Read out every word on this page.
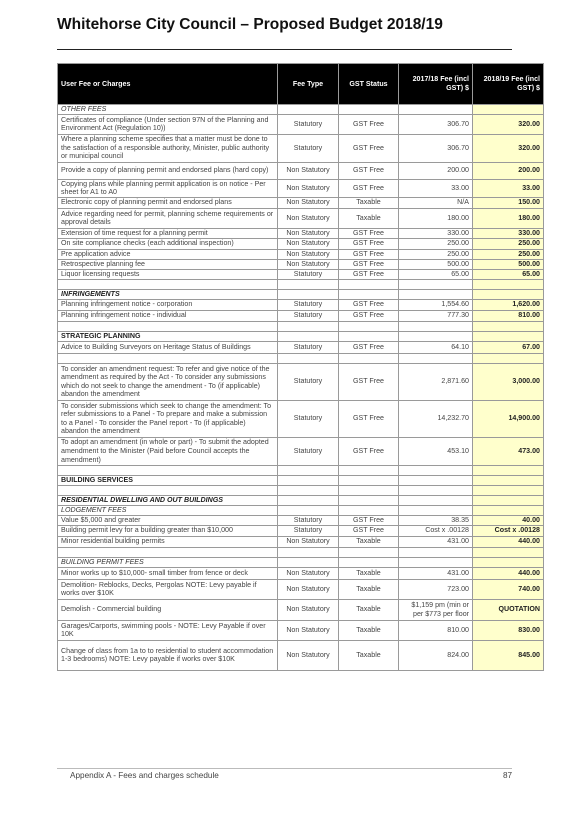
Whitehorse City Council – Proposed Budget 2018/19
User Fee or Charges	Fee Type	GST Status	2017/18 Fee (incl GST) $	2018/19 Fee (incl GST) $
OTHER FEES				
Certificates of compliance (Under section 97N of the Planning and Environment Act (Regulation 10))	Statutory	GST Free	306.70	320.00
Where a planning scheme specifies that a matter must be done to the satisfaction of a responsible authority, Minister, public authority or municipal council	Statutory	GST Free	306.70	320.00
Provide a copy of planning permit and endorsed plans (hard copy)	Non Statutory	GST Free	200.00	200.00
Copying plans while planning permit application is on notice - Per sheet for A1 to A0	Non Statutory	GST Free	33.00	33.00
Electronic copy of planning permit and endorsed plans	Non Statutory	Taxable	N/A	150.00
Advice regarding need for permit, planning scheme requirements or approval details	Non Statutory	Taxable	180.00	180.00
Extension of time request for a planning permit	Non Statutory	GST Free	330.00	330.00
On site compliance checks (each additional inspection)	Non Statutory	GST Free	250.00	250.00
Pre application advice	Non Statutory	GST Free	250.00	250.00
Retrospective planning fee	Non Statutory	GST Free	500.00	500.00
Liquor licensing requests	Statutory	GST Free	65.00	65.00

INFRINGEMENTS				
Planning infringement notice - corporation	Statutory	GST Free	1,554.60	1,620.00
Planning infringement notice - individual	Statutory	GST Free	777.30	810.00

STRATEGIC PLANNING				
Advice to Building Surveyors on Heritage Status of Buildings	Statutory	GST Free	64.10	67.00

To consider an amendment request: To refer and give notice of the amendment as required by the Act - To consider any submissions which do not seek to change the amendment - To (if applicable) abandon the amendment	Statutory	GST Free	2,871.60	3,000.00
To consider submissions which seek to change the amendment: To refer submissions to a Panel - To prepare and make a submission to a Panel - To consider the Panel report - To (if applicable) abandon the amendment	Statutory	GST Free	14,232.70	14,900.00
To adopt an amendment (in whole or part) - To submit the adopted amendment to the Minister (Paid before Council accepts the amendment)	Statutory	GST Free	453.10	473.00

BUILDING SERVICES				

RESIDENTIAL DWELLING AND OUT BUILDINGS				
LODGEMENT FEES				
Value $5,000 and greater	Statutory	GST Free	38.35	40.00
Building permit levy for a building greater than $10,000	Statutory	GST Free	Cost x .00128	Cost x .00128
Minor residential building permits	Non Statutory	Taxable	431.00	440.00

BUILDING PERMIT FEES				
Minor works up to $10,000- small timber from fence or deck	Non Statutory	Taxable	431.00	440.00
Demolition- Reblocks, Decks, Pergolas NOTE: Levy payable if works over $10K	Non Statutory	Taxable	723.00	740.00
Demolish - Commercial building	Non Statutory	Taxable	$1,159 pm (min or per $773 per floor	QUOTATION
Garages/Carports, swimming pools - NOTE: Levy Payable if over 10K	Non Statutory	Taxable	810.00	830.00
Change of class from 1a to to residential to student accommodation 1-3 bedrooms) NOTE: Levy payable if works over $10K	Non Statutory	Taxable	824.00	845.00
Appendix A - Fees and charges schedule	87
